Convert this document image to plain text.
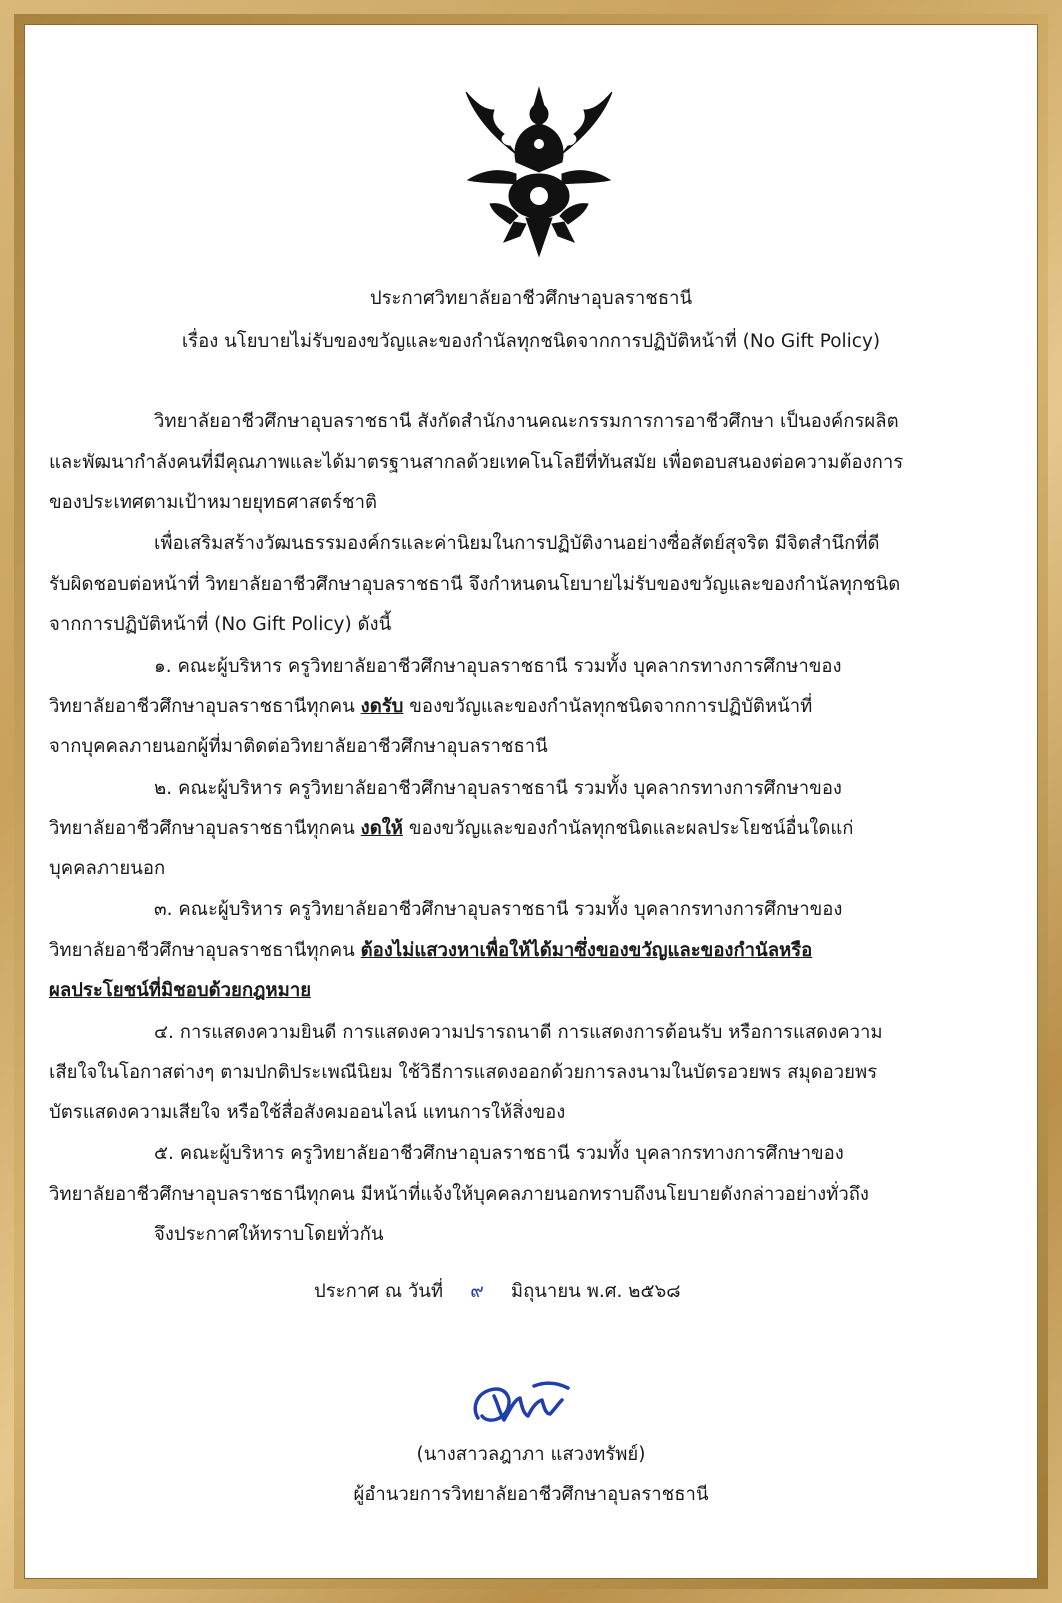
ประกาศวิทยาลัยอาชีวศึกษาอุบลราชธานี
เรื่อง นโยบายไม่รับของขวัญและของกำนัลทุกชนิดจากการปฏิบัติหน้าที่ (No Gift Policy)
วิทยาลัยอาชีวศึกษาอุบลราชธานี สังกัดสำนักงานคณะกรรมการการอาชีวศึกษา เป็นองค์กรผลิต
และพัฒนากำลังคนที่มีคุณภาพและได้มาตรฐานสากลด้วยเทคโนโลยีที่ทันสมัย เพื่อตอบสนองต่อความต้องการ
ของประเทศตามเป้าหมายยุทธศาสตร์ชาติ
เพื่อเสริมสร้างวัฒนธรรมองค์กรและค่านิยมในการปฏิบัติงานอย่างซื่อสัตย์สุจริต มีจิตสำนึกที่ดี
รับผิดชอบต่อหน้าที่ วิทยาลัยอาชีวศึกษาอุบลราชธานี จึงกำหนดนโยบายไม่รับของขวัญและของกำนัลทุกชนิด
จากการปฏิบัติหน้าที่ (No Gift Policy) ดังนี้
๑. คณะผู้บริหาร ครูวิทยาลัยอาชีวศึกษาอุบลราชธานี รวมทั้ง บุคลากรทางการศึกษาของ
วิทยาลัยอาชีวศึกษาอุบลราชธานีทุกคน งดรับ ของขวัญและของกำนัลทุกชนิดจากการปฏิบัติหน้าที่
จากบุคคลภายนอกผู้ที่มาติดต่อวิทยาลัยอาชีวศึกษาอุบลราชธานี
๒. คณะผู้บริหาร ครูวิทยาลัยอาชีวศึกษาอุบลราชธานี รวมทั้ง บุคลากรทางการศึกษาของ
วิทยาลัยอาชีวศึกษาอุบลราชธานีทุกคน งดให้ ของขวัญและของกำนัลทุกชนิดและผลประโยชน์อื่นใดแก่
บุคคลภายนอก
๓. คณะผู้บริหาร ครูวิทยาลัยอาชีวศึกษาอุบลราชธานี รวมทั้ง บุคลากรทางการศึกษาของ
วิทยาลัยอาชีวศึกษาอุบลราชธานีทุกคน ต้องไม่แสวงหาเพื่อให้ได้มาซึ่งของขวัญและของกำนัลหรือ
ผลประโยชน์ที่มิชอบด้วยกฎหมาย
๔. การแสดงความยินดี การแสดงความปรารถนาดี การแสดงการต้อนรับ หรือการแสดงความ
เสียใจในโอกาสต่างๆ ตามปกติประเพณีนิยม ใช้วิธีการแสดงออกด้วยการลงนามในบัตรอวยพร สมุดอวยพร
บัตรแสดงความเสียใจ หรือใช้สื่อสังคมออนไลน์ แทนการให้สิ่งของ
๕. คณะผู้บริหาร ครูวิทยาลัยอาชีวศึกษาอุบลราชธานี รวมทั้ง บุคลากรทางการศึกษาของ
วิทยาลัยอาชีวศึกษาอุบลราชธานีทุกคน มีหน้าที่แจ้งให้บุคคลภายนอกทราบถึงนโยบายดังกล่าวอย่างทั่วถึง
จึงประกาศให้ทราบโดยทั่วกัน
ประกาศ ณ วันที่ ๙ มิถุนายน พ.ศ. ๒๕๖๘
(นางสาวลฎาภา แสวงทรัพย์)
ผู้อำนวยการวิทยาลัยอาชีวศึกษาอุบลราชธานี
